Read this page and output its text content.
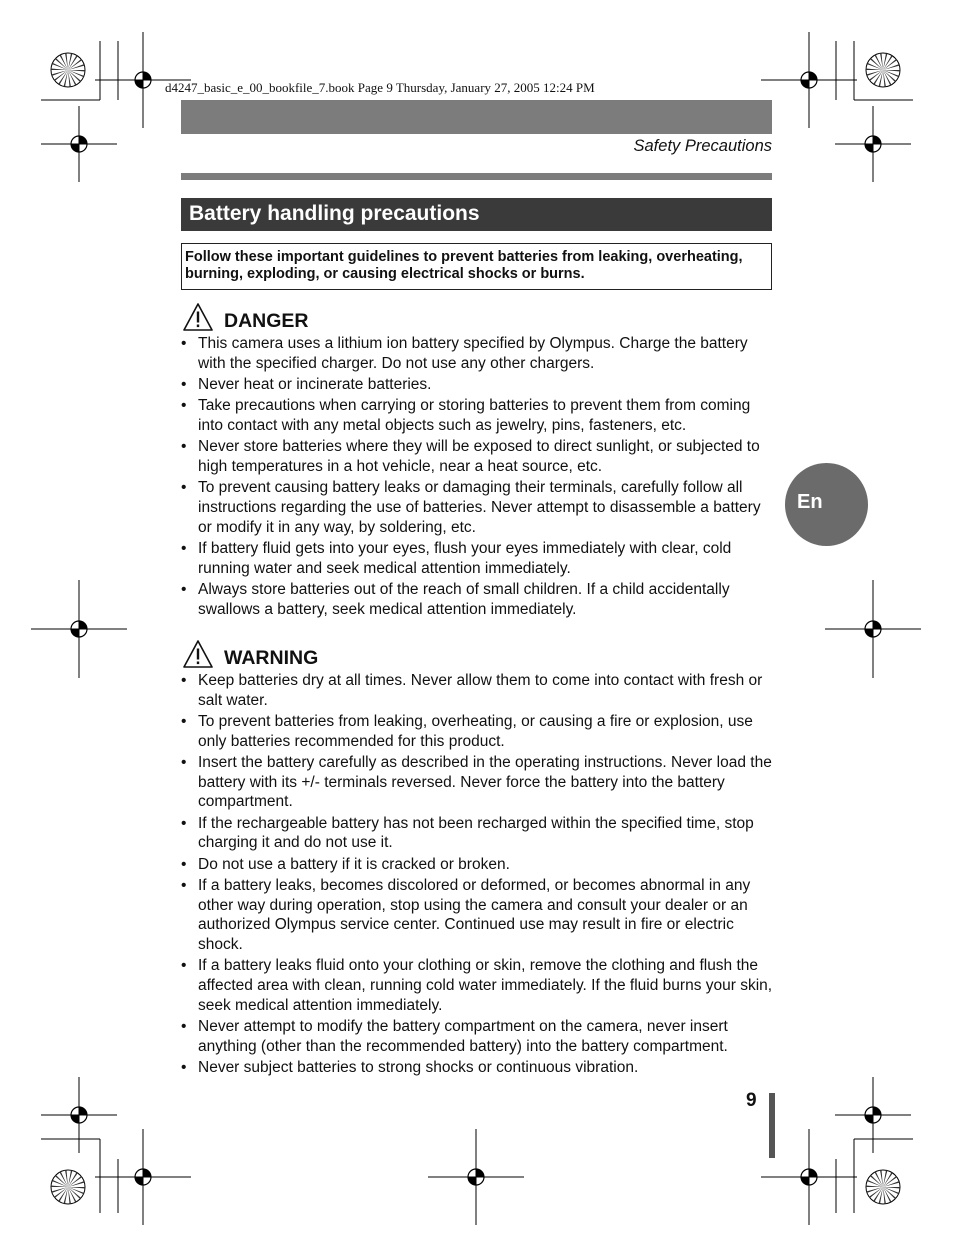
d4247_basic_e_00_bookfile_7.book Page 9 Thursday, January 27, 2005 12:24 PM
Safety Precautions
Battery handling precautions
Follow these important guidelines to prevent batteries from leaking, overheating, burning, exploding, or causing electrical shocks or burns.
DANGER
• This camera uses a lithium ion battery specified by Olympus. Charge the battery with the specified charger. Do not use any other chargers.
• Never heat or incinerate batteries.
• Take precautions when carrying or storing batteries to prevent them from coming into contact with any metal objects such as jewelry, pins, fasteners, etc.
• Never store batteries where they will be exposed to direct sunlight, or subjected to high temperatures in a hot vehicle, near a heat source, etc.
• To prevent causing battery leaks or damaging their terminals, carefully follow all instructions regarding the use of batteries. Never attempt to disassemble a battery or modify it in any way, by soldering, etc.
• If battery fluid gets into your eyes, flush your eyes immediately with clear, cold running water and seek medical attention immediately.
• Always store batteries out of the reach of small children. If a child accidentally swallows a battery, seek medical attention immediately.
WARNING
• Keep batteries dry at all times. Never allow them to come into contact with fresh or salt water.
• To prevent batteries from leaking, overheating, or causing a fire or explosion, use only batteries recommended for this product.
• Insert the battery carefully as described in the operating instructions. Never load the battery with its +/- terminals reversed. Never force the battery into the battery compartment.
• If the rechargeable battery has not been recharged within the specified time, stop charging it and do not use it.
• Do not use a battery if it is cracked or broken.
• If a battery leaks, becomes discolored or deformed, or becomes abnormal in any other way during operation, stop using the camera and consult your dealer or an authorized Olympus service center. Continued use may result in fire or electric shock.
• If a battery leaks fluid onto your clothing or skin, remove the clothing and flush the affected area with clean, running cold water immediately. If the fluid burns your skin, seek medical attention immediately.
• Never attempt to modify the battery compartment on the camera, never insert anything (other than the recommended battery) into the battery compartment.
• Never subject batteries to strong shocks or continuous vibration.
En
9
